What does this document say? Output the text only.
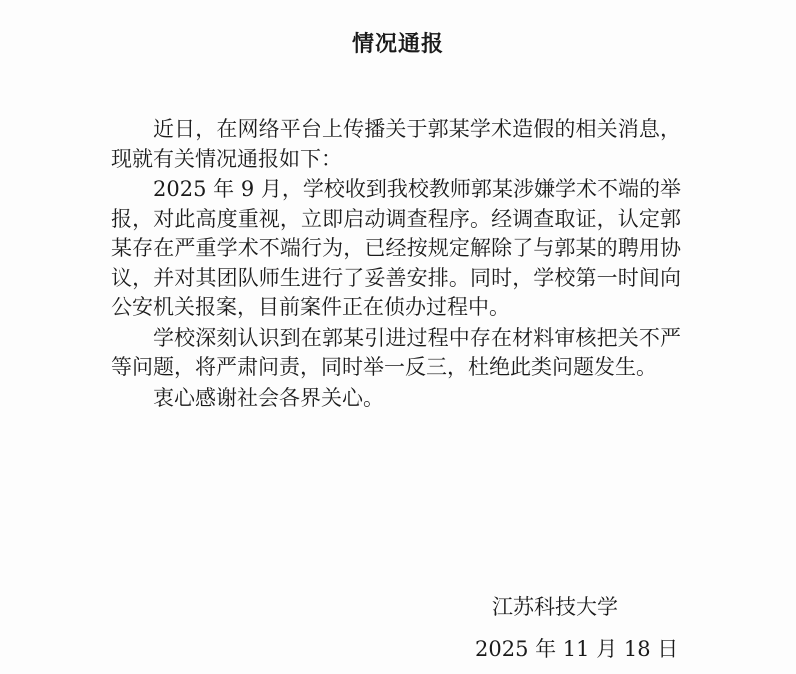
情况通报

近日，在网络平台上传播关于郭某学术造假的相关消息，现就有关情况通报如下：

2025 年 9 月，学校收到我校教师郭某涉嫌学术不端的举报，对此高度重视，立即启动调查程序。经调查取证，认定郭某存在严重学术不端行为，已经按规定解除了与郭某的聘用协议，并对其团队师生进行了妥善安排。同时，学校第一时间向公安机关报案，目前案件正在侦办过程中。

学校深刻认识到在郭某引进过程中存在材料审核把关不严等问题，将严肃问责，同时举一反三，杜绝此类问题发生。

衷心感谢社会各界关心。

江苏科技大学
2025 年 11 月 18 日
